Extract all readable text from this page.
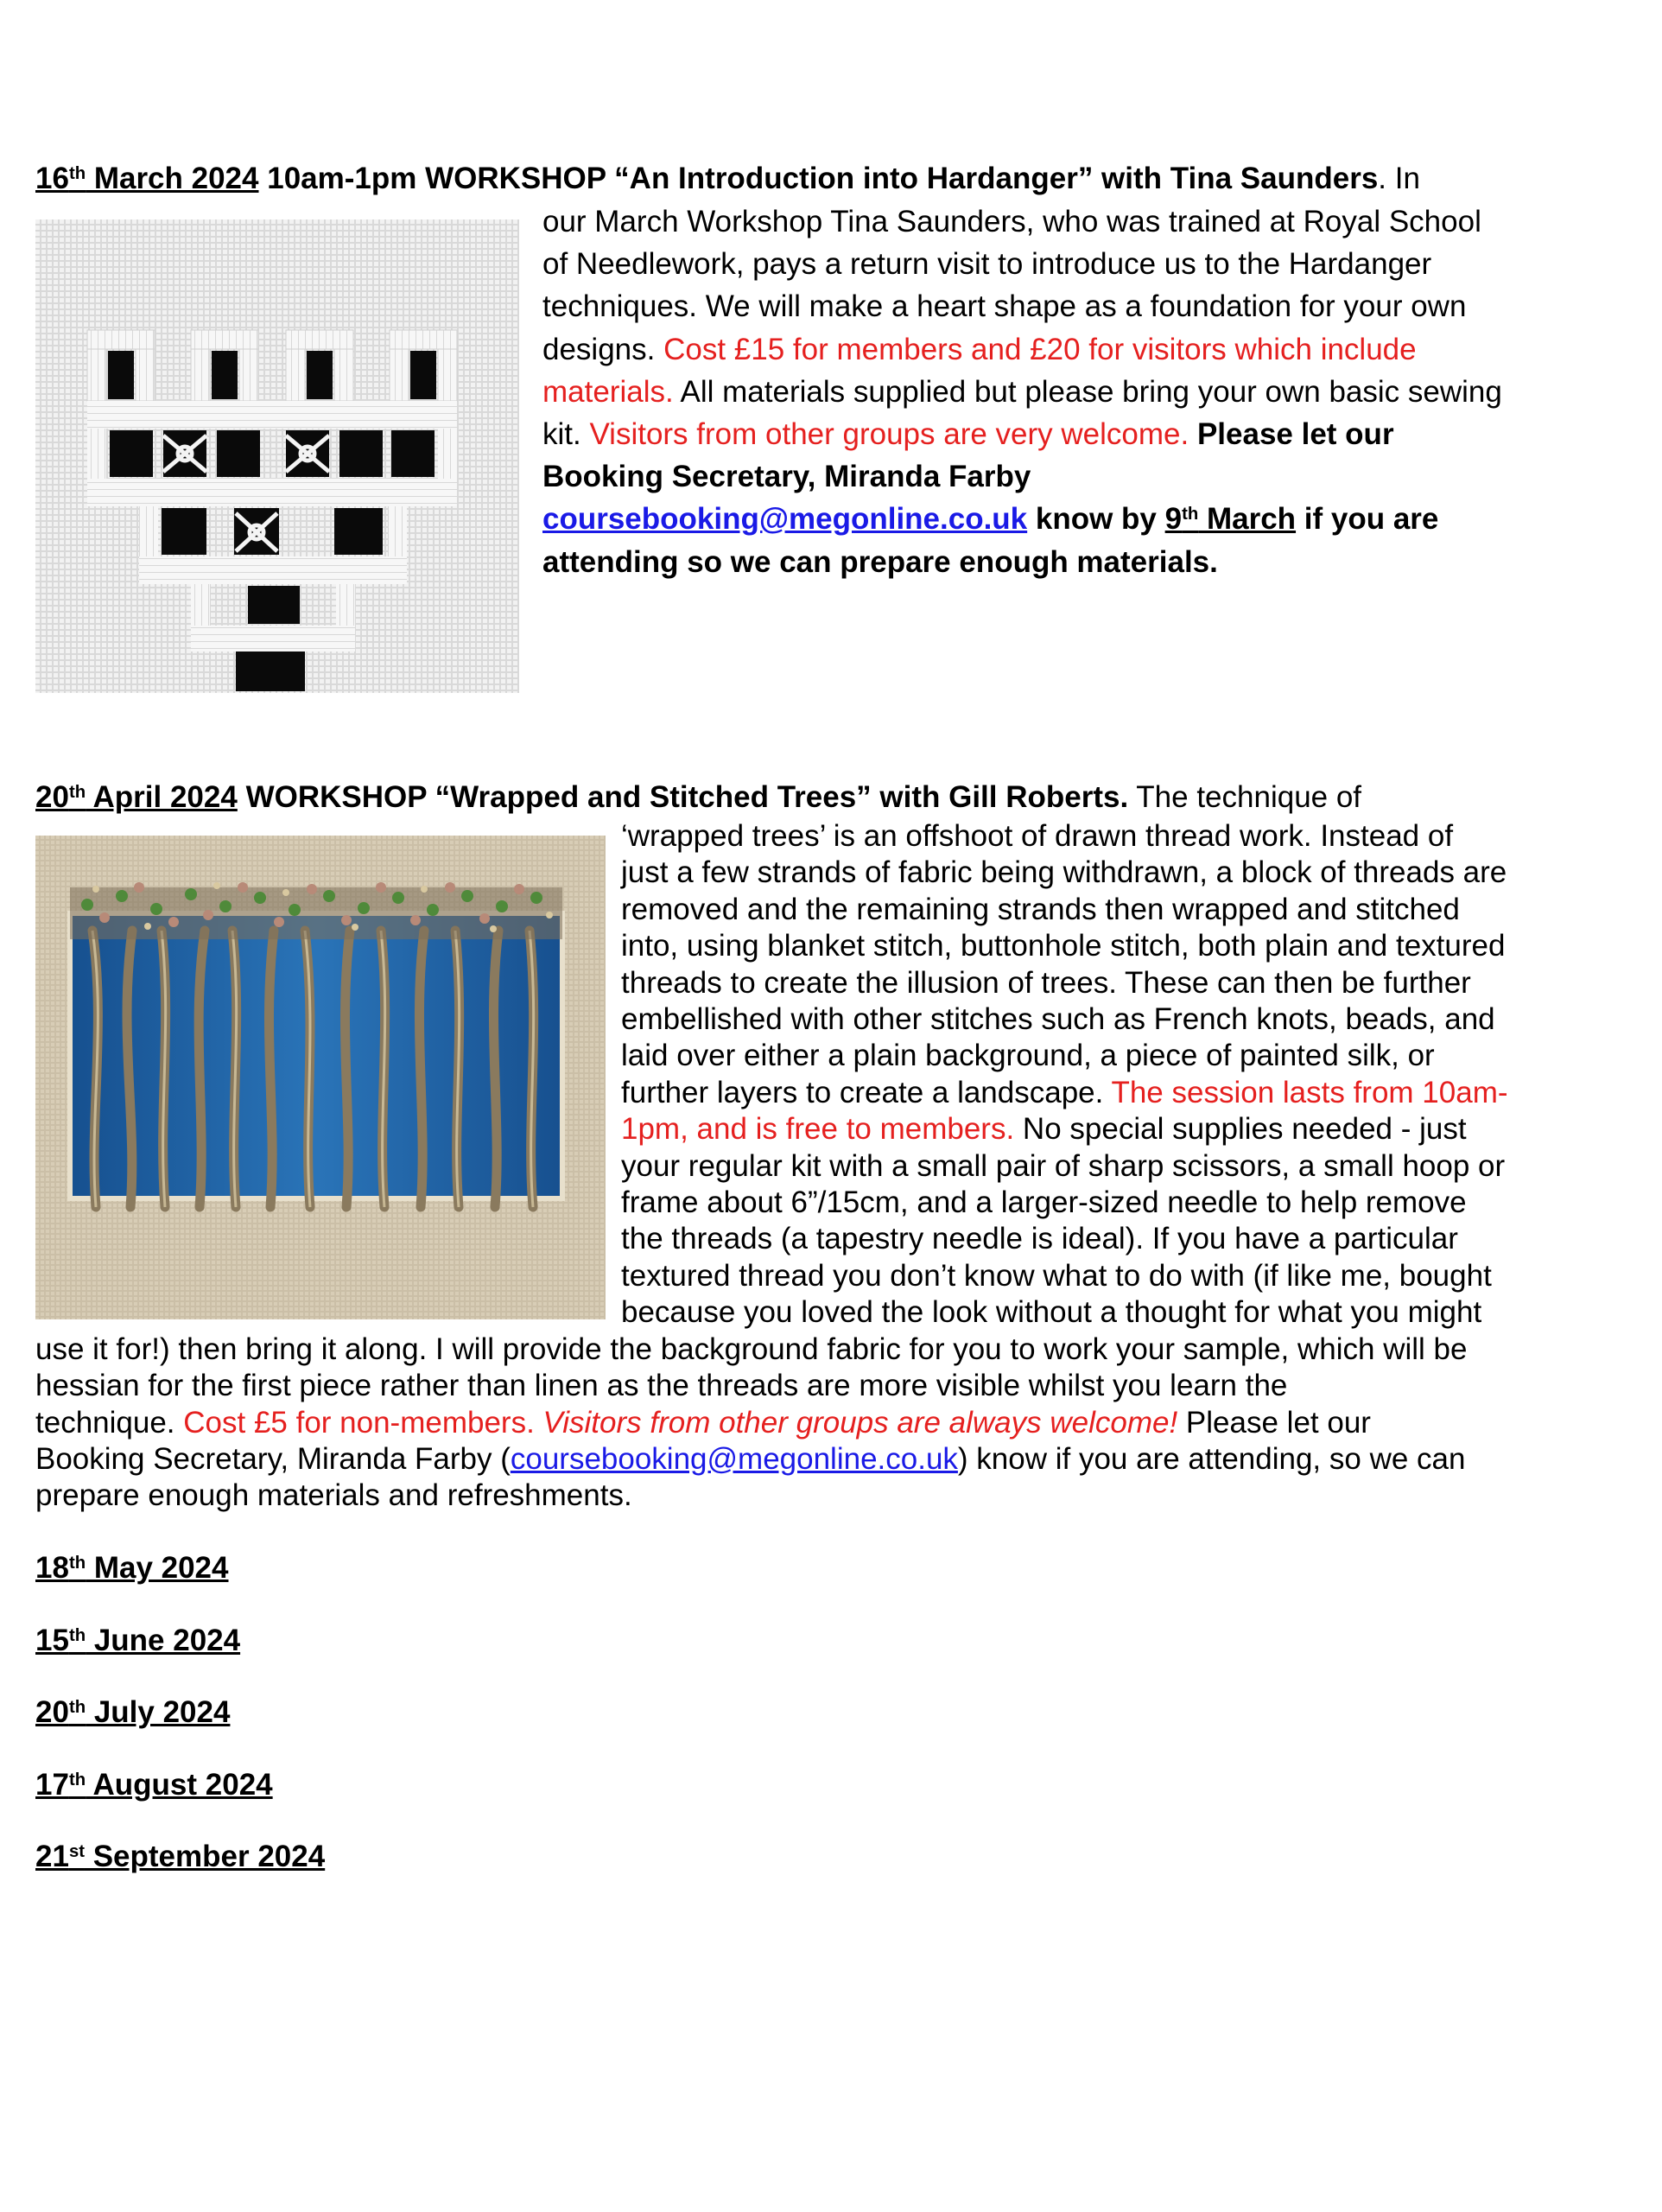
16th March 2024 10am-1pm WORKSHOP “An Introduction into Hardanger” with Tina Saunders. In
our March Workshop Tina Saunders, who was trained at Royal School
of Needlework, pays a return visit to introduce us to the Hardanger
techniques. We will make a heart shape as a foundation for your own
designs. Cost £15 for members and £20 for visitors which include
materials. All materials supplied but please bring your own basic sewing
kit. Visitors from other groups are very welcome. Please let our
Booking Secretary, Miranda Farby
coursebooking@megonline.co.uk know by 9th March if you are
attending so we can prepare enough materials.
20th April 2024 WORKSHOP “Wrapped and Stitched Trees” with Gill Roberts. The technique of
‘wrapped trees’ is an offshoot of drawn thread work. Instead of
just a few strands of fabric being withdrawn, a block of threads are
removed and the remaining strands then wrapped and stitched
into, using blanket stitch, buttonhole stitch, both plain and textured
threads to create the illusion of trees. These can then be further
embellished with other stitches such as French knots, beads, and
laid over either a plain background, a piece of painted silk, or
further layers to create a landscape. The session lasts from 10am-
1pm, and is free to members. No special supplies needed - just
your regular kit with a small pair of sharp scissors, a small hoop or
frame about 6”/15cm, and a larger-sized needle to help remove
the threads (a tapestry needle is ideal). If you have a particular
textured thread you don’t know what to do with (if like me, bought
because you loved the look without a thought for what you might
use it for!) then bring it along. I will provide the background fabric for you to work your sample, which will be
hessian for the first piece rather than linen as the threads are more visible whilst you learn the
technique. Cost £5 for non-members. Visitors from other groups are always welcome! Please let our
Booking Secretary, Miranda Farby (coursebooking@megonline.co.uk) know if you are attending, so we can
prepare enough materials and refreshments.
18th May 2024
15th June 2024
20th July 2024
17th August 2024
21st September 2024
